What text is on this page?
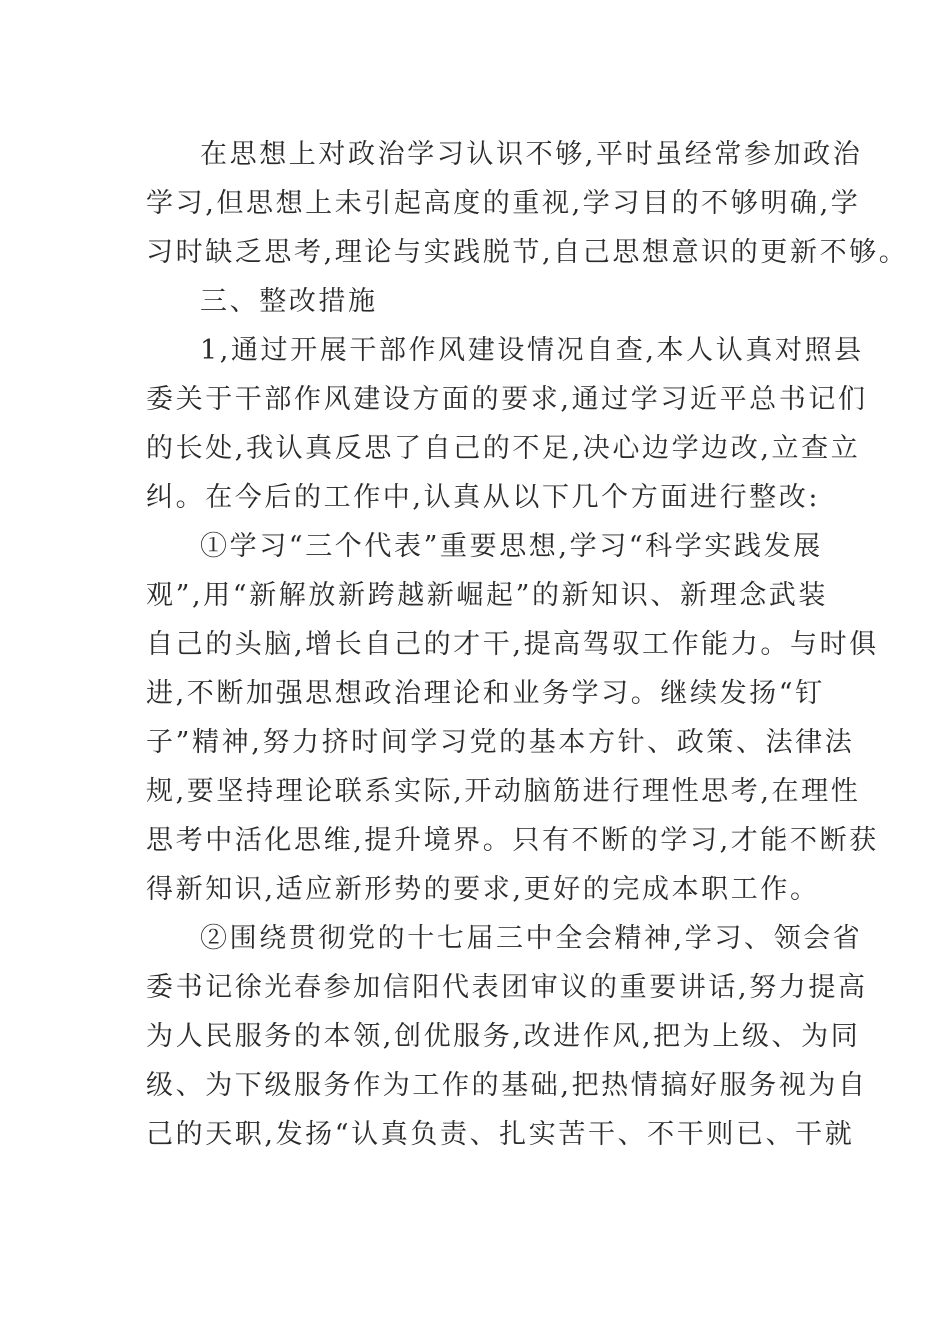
在思想上对政治学习认识不够,平时虽经常参加政治
学习,但思想上未引起高度的重视,学习目的不够明确,学
习时缺乏思考,理论与实践脱节,自己思想意识的更新不够。
三、整改措施
1,通过开展干部作风建设情况自查,本人认真对照县
委关于干部作风建设方面的要求,通过学习近平总书记们
的长处,我认真反思了自己的不足,决心边学边改,立查立
纠。在今后的工作中,认真从以下几个方面进行整改:
①学习“三个代表”重要思想,学习“科学实践发展
观”,用“新解放新跨越新崛起”的新知识、新理念武装
自己的头脑,增长自己的才干,提高驾驭工作能力。与时俱
进,不断加强思想政治理论和业务学习。继续发扬“钉
子”精神,努力挤时间学习党的基本方针、政策、法律法
规,要坚持理论联系实际,开动脑筋进行理性思考,在理性
思考中活化思维,提升境界。只有不断的学习,才能不断获
得新知识,适应新形势的要求,更好的完成本职工作。
②围绕贯彻党的十七届三中全会精神,学习、领会省
委书记徐光春参加信阳代表团审议的重要讲话,努力提高
为人民服务的本领,创优服务,改进作风,把为上级、为同
级、为下级服务作为工作的基础,把热情搞好服务视为自
己的天职,发扬“认真负责、扎实苦干、不干则已、干就
